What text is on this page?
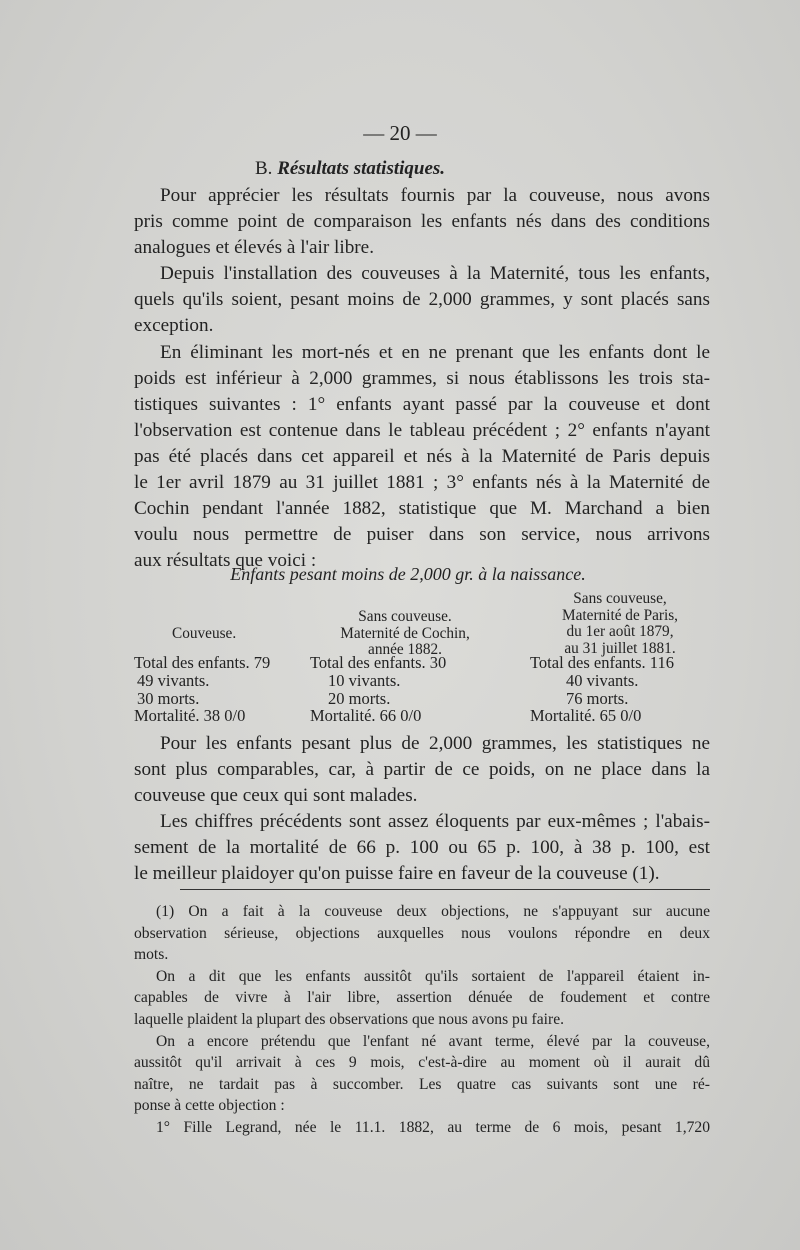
— 20 —
B. Résultats statistiques.

Pour apprécier les résultats fournis par la couveuse, nous avons
pris comme point de comparaison les enfants nés dans des conditions
analogues et élevés à l'air libre.

Depuis l'installation des couveuses à la Maternité, tous les enfants,
quels qu'ils soient, pesant moins de 2,000 grammes, y sont placés sans
exception.

En éliminant les mort-nés et en ne prenant que les enfants dont le
poids est inférieur à 2,000 grammes, si nous établissons les trois sta-
tistiques suivantes : 1° enfants ayant passé par la couveuse et dont
l'observation est contenue dans le tableau précédent ; 2° enfants n'ayant
pas été placés dans cet appareil et nés à la Maternité de Paris depuis
le 1er avril 1879 au 31 juillet 1881 ; 3° enfants nés à la Maternité de
Cochin pendant l'année 1882, statistique que M. Marchand a bien
voulu nous permettre de puiser dans son service, nous arrivons
aux résultats que voici :

Enfants pesant moins de 2,000 gr. à la naissance.
Couveuse.
Total des enfants. 79
49 vivants.
30 morts.
Mortalité. 38 0/0
Sans couveuse.
Maternité de Cochin,
année 1882.
Total des enfants. 30
10 vivants.
20 morts.
Mortalité. 66 0/0
Sans couveuse,
Maternité de Paris,
du 1er août 1879,
au 31 juillet 1881.
Total des enfants. 116
40 vivants.
76 morts.
Mortalité. 65 0/0

Pour les enfants pesant plus de 2,000 grammes, les statistiques ne
sont plus comparables, car, à partir de ce poids, on ne place dans la
couveuse que ceux qui sont malades.

Les chiffres précédents sont assez éloquents par eux-mêmes ; l'abais-
sement de la mortalité de 66 p. 100 ou 65 p. 100, à 38 p. 100, est
le meilleur plaidoyer qu'on puisse faire en faveur de la couveuse (1).

(1) On a fait à la couveuse deux objections, ne s'appuyant sur aucune
observation sérieuse, objections auxquelles nous voulons répondre en deux
mots.

On a dit que les enfants aussitôt qu'ils sortaient de l'appareil étaient in-
capables de vivre à l'air libre, assertion dénuée de foudement et contre
laquelle plaident la plupart des observations que nous avons pu faire.

On a encore prétendu que l'enfant né avant terme, élevé par la couveuse,
aussitôt qu'il arrivait à ces 9 mois, c'est-à-dire au moment où il aurait dû
naître, ne tardait pas à succomber. Les quatre cas suivants sont une ré-
ponse à cette objection :

1° Fille Legrand, née le 11.1. 1882, au terme de 6 mois, pesant 1,720
